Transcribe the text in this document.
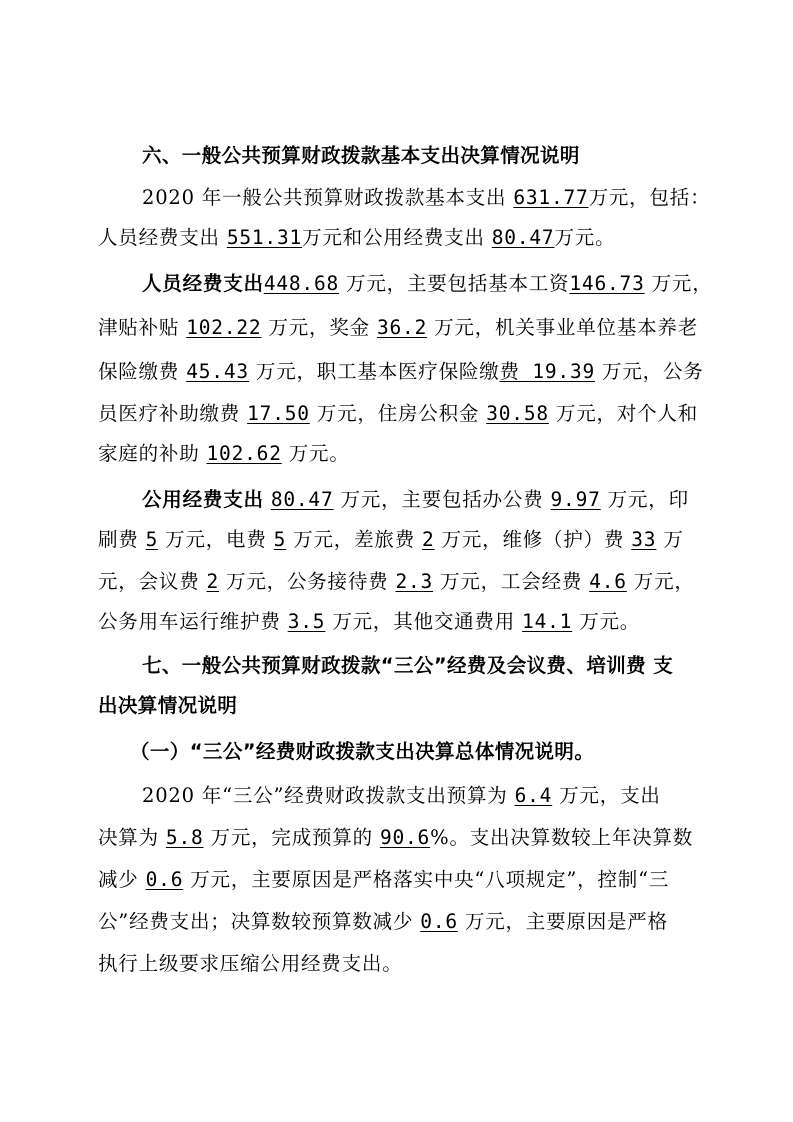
六、一般公共预算财政拨款基本支出决算情况说明
2020 年一般公共预算财政拨款基本支出 631.77万元，包括：
人员经费支出 551.31万元和公用经费支出 80.47万元。
人员经费支出448.68 万元，主要包括基本工资146.73 万元，
津贴补贴 102.22 万元，奖金 36.2 万元，机关事业单位基本养老
保险缴费 45.43 万元，职工基本医疗保险缴费 19.39 万元，公务
员医疗补助缴费 17.50 万元，住房公积金 30.58 万元，对个人和
家庭的补助 102.62 万元。
公用经费支出 80.47 万元，主要包括办公费 9.97 万元，印
刷费 5 万元，电费 5 万元，差旅费 2 万元，维修（护）费 33 万
元，会议费 2 万元，公务接待费 2.3 万元，工会经费 4.6 万元，
公务用车运行维护费 3.5 万元，其他交通费用 14.1 万元。
七、一般公共预算财政拨款“三公”经费及会议费、培训费 支
出决算情况说明
（一）“三公”经费财政拨款支出决算总体情况说明。
2020 年“三公”经费财政拨款支出预算为 6.4 万元，支出
决算为 5.8 万元，完成预算的 90.6%。支出决算数较上年决算数
减少 0.6 万元，主要原因是严格落实中央“八项规定”，控制“三
公”经费支出；决算数较预算数减少 0.6 万元，主要原因是严格
执行上级要求压缩公用经费支出。
